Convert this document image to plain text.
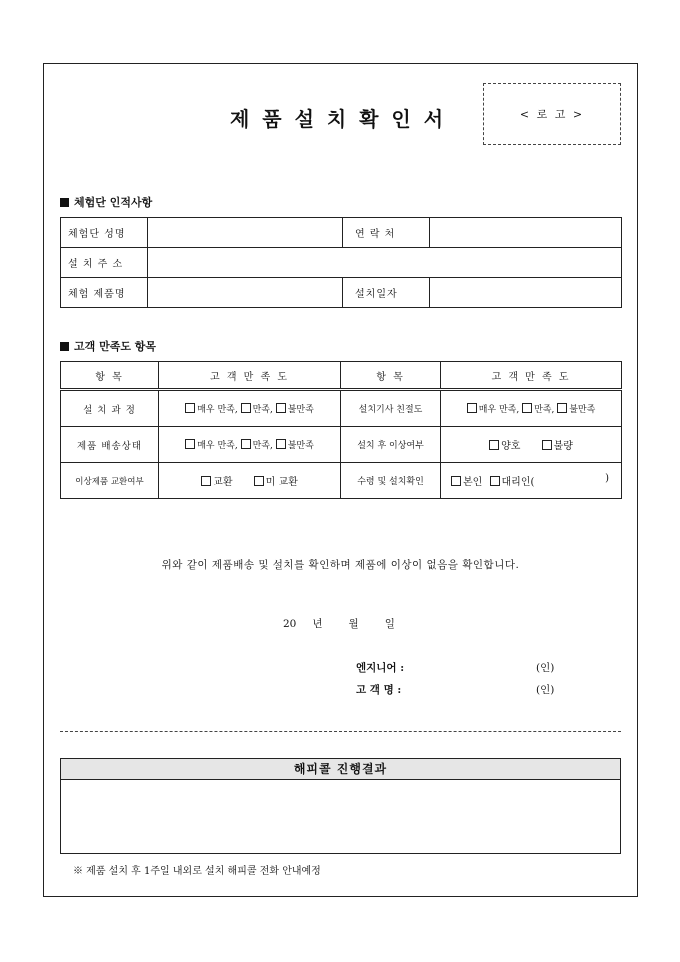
제 품 설 치 확 인 서	< 로 고 >
체험단 인적사항
체험단 성명		연 락 처	
설 치 주 소			
체험 제품명		설치일자	
고객 만족도 항목
항 목	고 객 만 족 도	항 목	고 객 만 족 도
설 치 과 정	매우 만족, 만족, 불만족	설치기사 친절도	매우 만족, 만족, 불만족
제품 배송상태	매우 만족, 만족, 불만족	설치 후 이상여부	양호 불량
이상제품 교환여부	교환 미 교환	수령 및 설치확인	본인 대리인( )
위와 같이 제품배송 및 설치를 확인하며 제품에 이상이 없음을 확인합니다.
20 년 월 일
엔지니어 :	(인)
고 객 명 :	(인)
해피콜 진행결과
※ 제품 설치 후 1주일 내외로 설치 해피콜 전화 안내예정
